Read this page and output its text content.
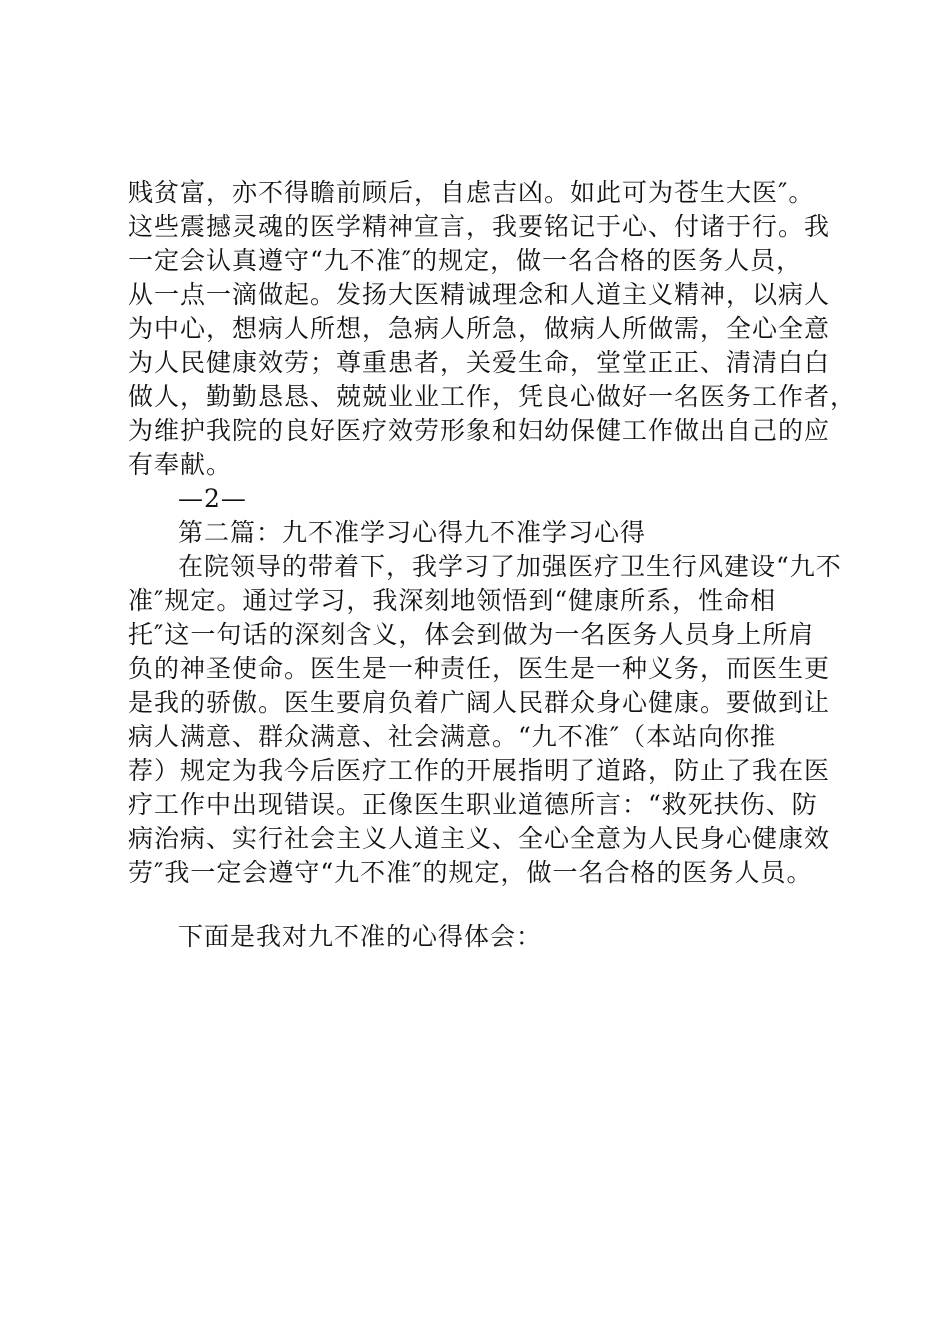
贱贫富，亦不得瞻前顾后，自虑吉凶。如此可为苍生大医″。
这些震撼灵魂的医学精神宣言，我要铭记于心、付诸于行。我
一定会认真遵守“九不准″的规定，做一名合格的医务人员，
从一点一滴做起。发扬大医精诚理念和人道主义精神，以病人
为中心，想病人所想，急病人所急，做病人所做需，全心全意
为人民健康效劳；尊重患者，关爱生命，堂堂正正、清清白白
做人，勤勤恳恳、兢兢业业工作，凭良心做好一名医务工作者，
为维护我院的良好医疗效劳形象和妇幼保健工作做出自己的应
有奉献。
—2—
第二篇：九不准学习心得九不准学习心得
在院领导的带着下，我学习了加强医疗卫生行风建设“九不
准″规定。通过学习，我深刻地领悟到“健康所系，性命相
托″这一句话的深刻含义，体会到做为一名医务人员身上所肩
负的神圣使命。医生是一种责任，医生是一种义务，而医生更
是我的骄傲。医生要肩负着广阔人民群众身心健康。要做到让
病人满意、群众满意、社会满意。“九不准″（本站向你推
荐）规定为我今后医疗工作的开展指明了道路，防止了我在医
疗工作中出现错误。正像医生职业道德所言：“救死扶伤、防
病治病、实行社会主义人道主义、全心全意为人民身心健康效
劳″我一定会遵守“九不准″的规定，做一名合格的医务人员。
下面是我对九不准的心得体会：
